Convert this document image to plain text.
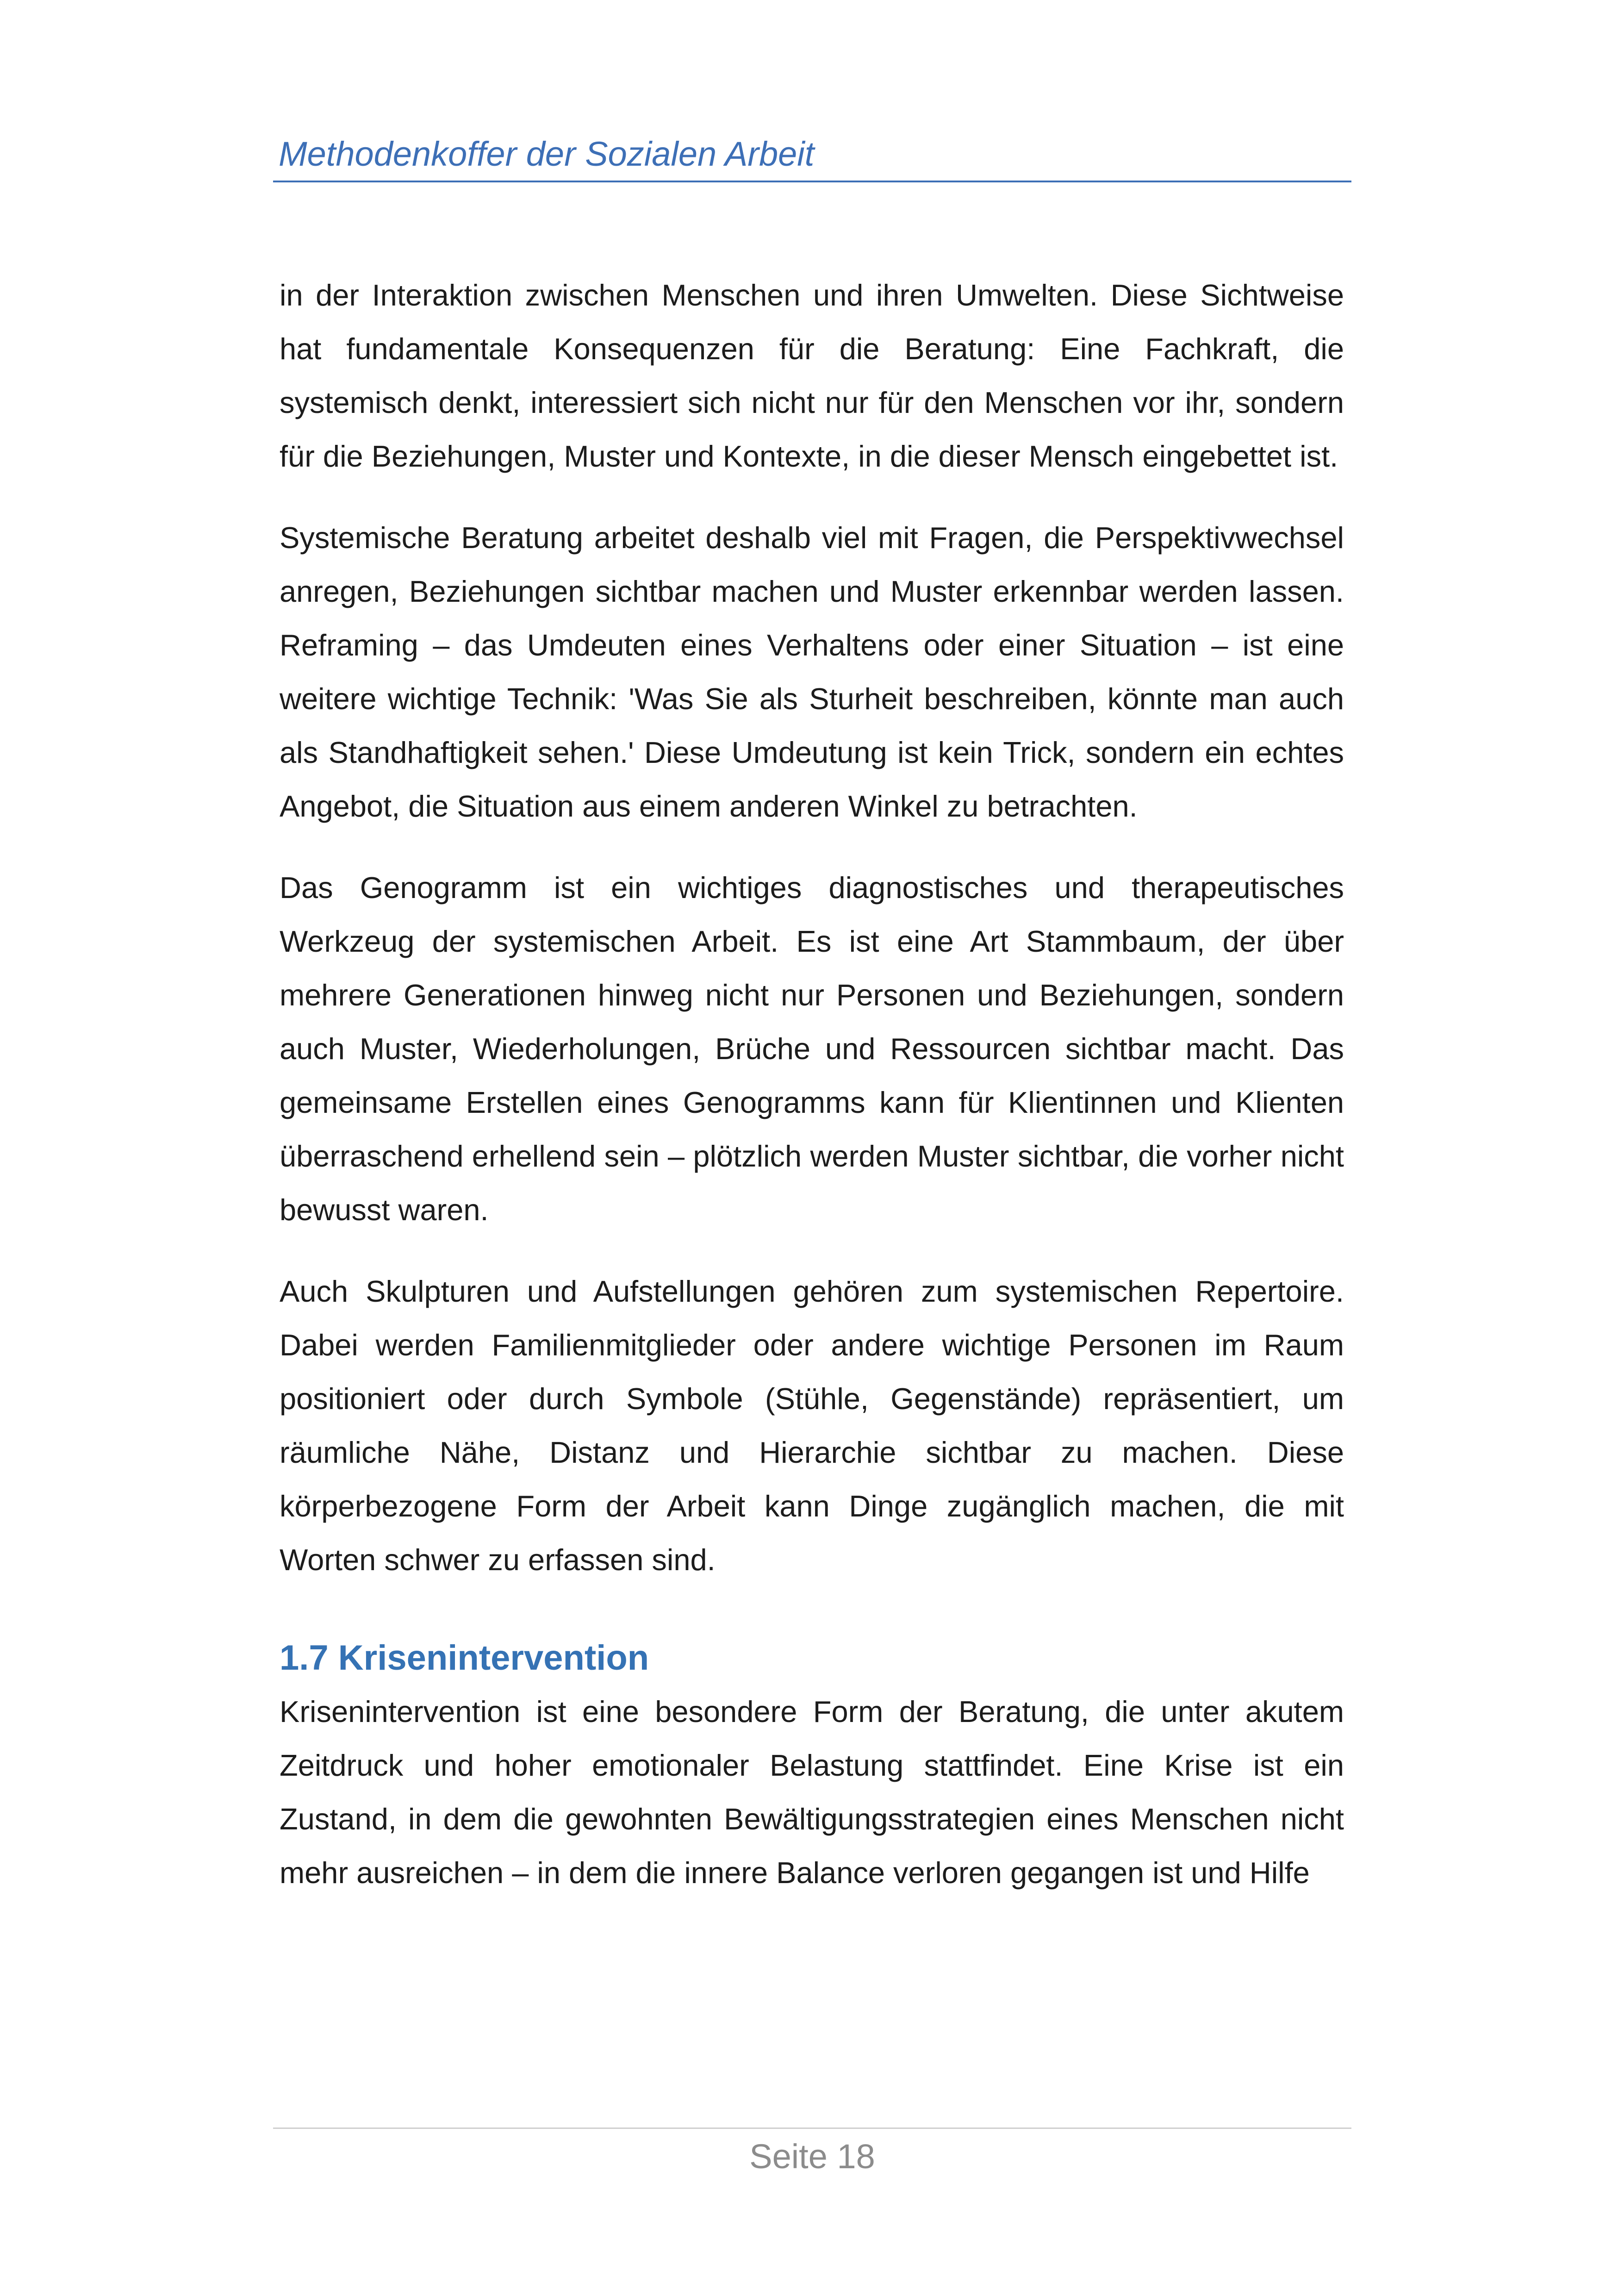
Methodenkoffer der Sozialen Arbeit

in der Interaktion zwischen Menschen und ihren Umwelten. Diese Sichtweise hat fundamentale Konsequenzen für die Beratung: Eine Fachkraft, die systemisch denkt, interessiert sich nicht nur für den Menschen vor ihr, sondern für die Beziehungen, Muster und Kontexte, in die dieser Mensch eingebettet ist.

Systemische Beratung arbeitet deshalb viel mit Fragen, die Perspektivwechsel anregen, Beziehungen sichtbar machen und Muster erkennbar werden lassen. Reframing – das Umdeuten eines Verhaltens oder einer Situation – ist eine weitere wichtige Technik: 'Was Sie als Sturheit beschreiben, könnte man auch als Standhaftigkeit sehen.' Diese Umdeutung ist kein Trick, sondern ein echtes Angebot, die Situation aus einem anderen Winkel zu betrachten.

Das Genogramm ist ein wichtiges diagnostisches und therapeutisches Werkzeug der systemischen Arbeit. Es ist eine Art Stammbaum, der über mehrere Generationen hinweg nicht nur Personen und Beziehungen, sondern auch Muster, Wiederholungen, Brüche und Ressourcen sichtbar macht. Das gemeinsame Erstellen eines Genogramms kann für Klientinnen und Klienten überraschend erhellend sein – plötzlich werden Muster sichtbar, die vorher nicht bewusst waren.

Auch Skulpturen und Aufstellungen gehören zum systemischen Repertoire. Dabei werden Familienmitglieder oder andere wichtige Personen im Raum positioniert oder durch Symbole (Stühle, Gegenstände) repräsentiert, um räumliche Nähe, Distanz und Hierarchie sichtbar zu machen. Diese körperbezogene Form der Arbeit kann Dinge zugänglich machen, die mit Worten schwer zu erfassen sind.

1.7 Krisenintervention

Krisenintervention ist eine besondere Form der Beratung, die unter akutem Zeitdruck und hoher emotionaler Belastung stattfindet. Eine Krise ist ein Zustand, in dem die gewohnten Bewältigungsstrategien eines Menschen nicht mehr ausreichen – in dem die innere Balance verloren gegangen ist und Hilfe

Seite 18
